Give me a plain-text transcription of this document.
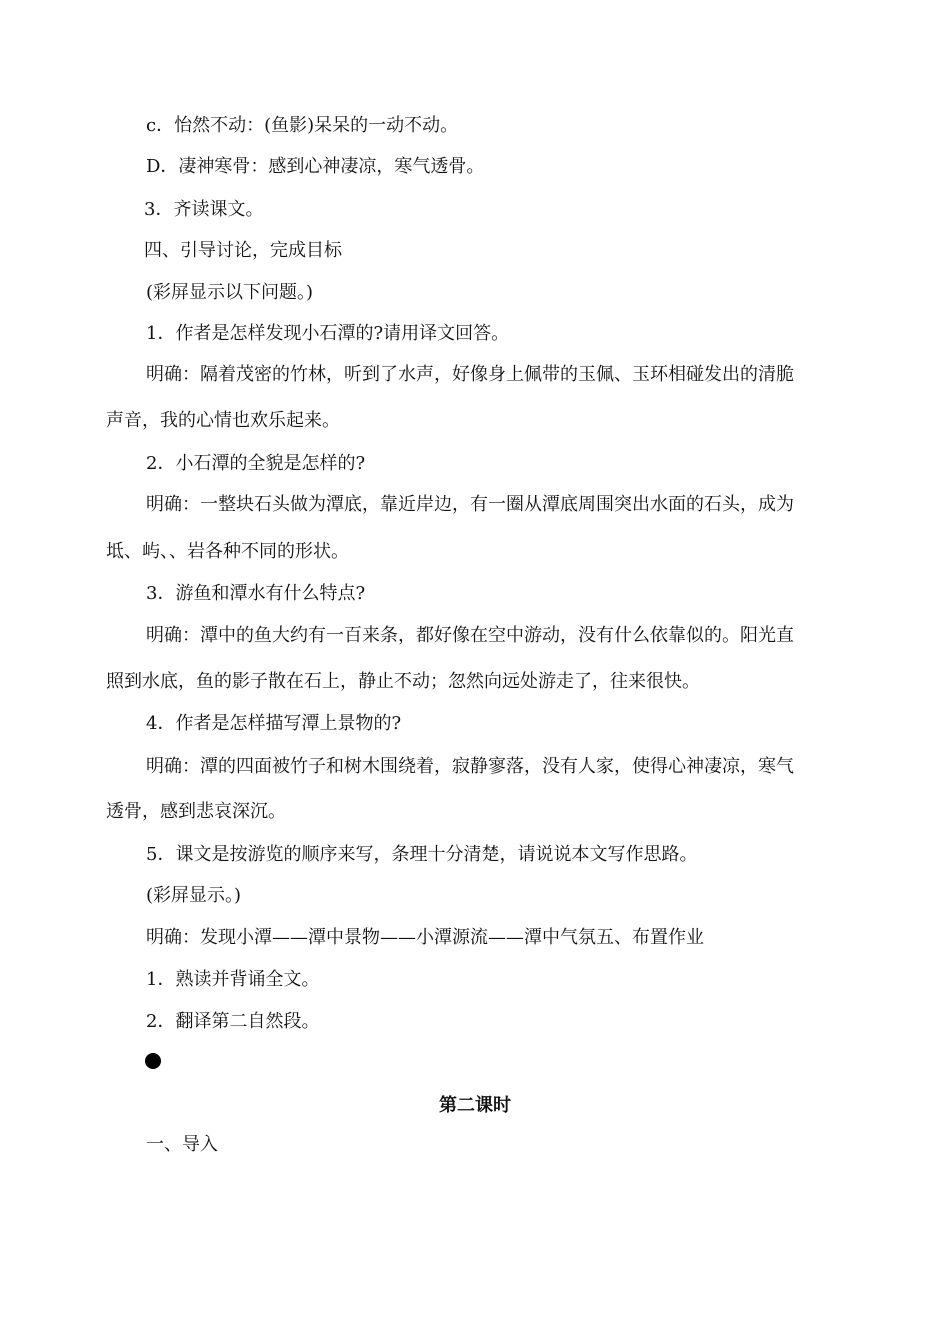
c．怡然不动：(鱼影)呆呆的一动不动。
D．凄神寒骨：感到心神凄凉，寒气透骨。
3．齐读课文。
四、引导讨论，完成目标
(彩屏显示以下问题。)
1．作者是怎样发现小石潭的?请用译文回答。
明确：隔着茂密的竹林，听到了水声，好像身上佩带的玉佩、玉环相碰发出的清脆
声音，我的心情也欢乐起来。
2．小石潭的全貌是怎样的?
明确：一整块石头做为潭底，靠近岸边，有一圈从潭底周围突出水面的石头，成为
坻、屿、、岩各种不同的形状。
3．游鱼和潭水有什么特点?
明确：潭中的鱼大约有一百来条，都好像在空中游动，没有什么依靠似的。阳光直
照到水底，鱼的影子散在石上，静止不动；忽然向远处游走了，往来很快。
4．作者是怎样描写潭上景物的?
明确：潭的四面被竹子和树木围绕着，寂静寥落，没有人家，使得心神凄凉，寒气
透骨，感到悲哀深沉。
5．课文是按游览的顺序来写，条理十分清楚，请说说本文写作思路。
(彩屏显示。)
明确：发现小潭——潭中景物——小潭源流——潭中气氛五、布置作业
1．熟读并背诵全文。
2．翻译第二自然段。
第二课时
一、导入
